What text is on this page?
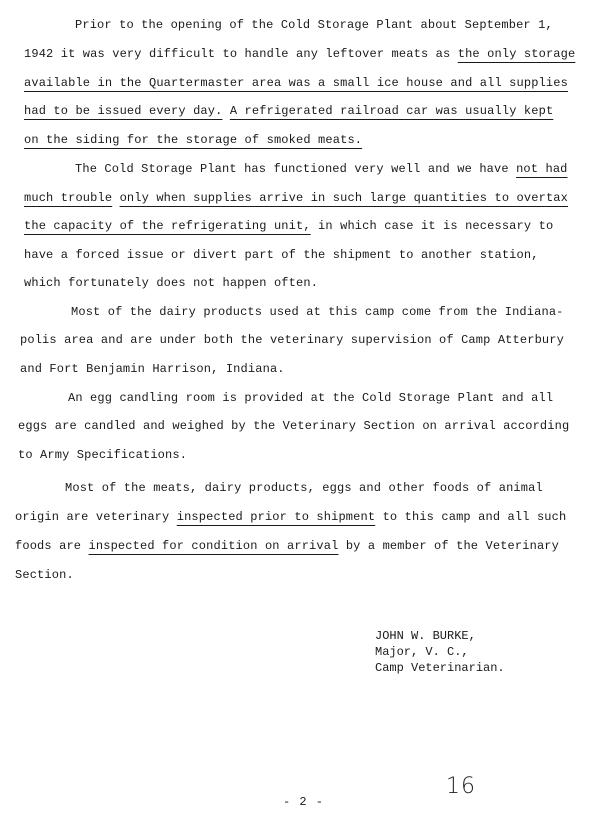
Prior to the opening of the Cold Storage Plant about September 1,
1942 it was very difficult to handle any leftover meats as the only storage
available in the Quartermaster area was a small ice house and all supplies
had to be issued every day. A refrigerated railroad car was usually kept
on the siding for the storage of smoked meats.
The Cold Storage Plant has functioned very well and we have not had
much trouble only when supplies arrive in such large quantities to overtax
the capacity of the refrigerating unit, in which case it is necessary to
have a forced issue or divert part of the shipment to another station,
which fortunately does not happen often.
Most of the dairy products used at this camp come from the Indiana-
polis area and are under both the veterinary supervision of Camp Atterbury
and Fort Benjamin Harrison, Indiana.
An egg candling room is provided at the Cold Storage Plant and all
eggs are candled and weighed by the Veterinary Section on arrival according
to Army Specifications.
Most of the meats, dairy products, eggs and other foods of animal
origin are veterinary inspected prior to shipment to this camp and all such
foods are inspected for condition on arrival by a member of the Veterinary
Section.
JOHN W. BURKE,
Major, V. C.,
Camp Veterinarian.
- 2 -
16
